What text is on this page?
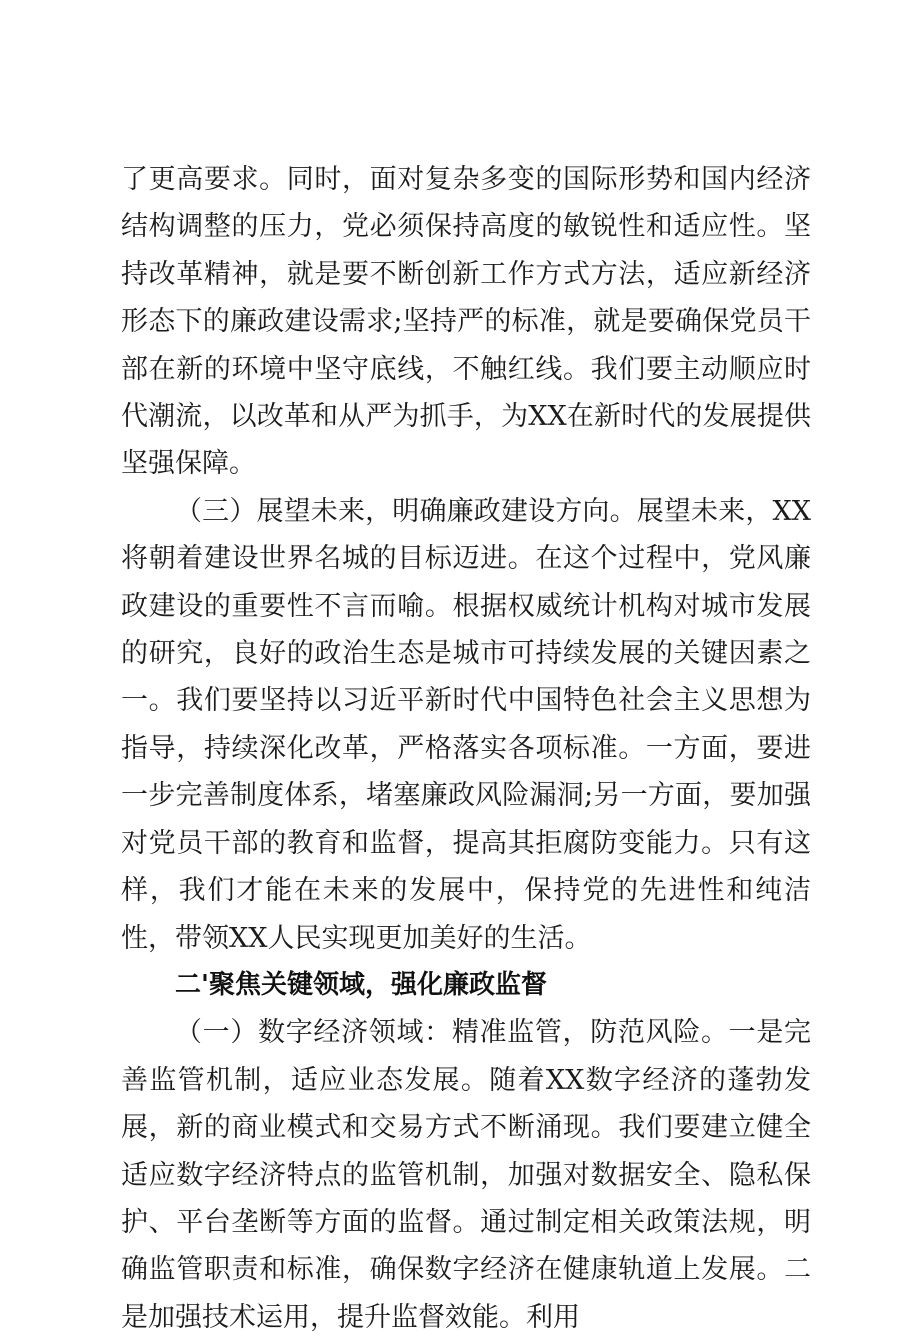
了更高要求。同时，面对复杂多变的国际形势和国内经济结构调整的压力，党必须保持高度的敏锐性和适应性。坚持改革精神，就是要不断创新工作方式方法，适应新经济形态下的廉政建设需求;坚持严的标准，就是要确保党员干部在新的环境中坚守底线，不触红线。我们要主动顺应时代潮流，以改革和从严为抓手，为XX在新时代的发展提供坚强保障。

（三）展望未来，明确廉政建设方向。展望未来，XX将朝着建设世界名城的目标迈进。在这个过程中，党风廉政建设的重要性不言而喻。根据权威统计机构对城市发展的研究，良好的政治生态是城市可持续发展的关键因素之一。我们要坚持以习近平新时代中国特色社会主义思想为指导，持续深化改革，严格落实各项标准。一方面，要进一步完善制度体系，堵塞廉政风险漏洞;另一方面，要加强对党员干部的教育和监督，提高其拒腐防变能力。只有这样，我们才能在未来的发展中，保持党的先进性和纯洁性，带领XX人民实现更加美好的生活。

二'聚焦关键领域，强化廉政监督

（一）数字经济领域：精准监管，防范风险。一是完善监管机制，适应业态发展。随着XX数字经济的蓬勃发展，新的商业模式和交易方式不断涌现。我们要建立健全适应数字经济特点的监管机制，加强对数据安全、隐私保护、平台垄断等方面的监督。通过制定相关政策法规，明确监管职责和标准，确保数字经济在健康轨道上发展。二是加强技术运用，提升监督效能。利用
